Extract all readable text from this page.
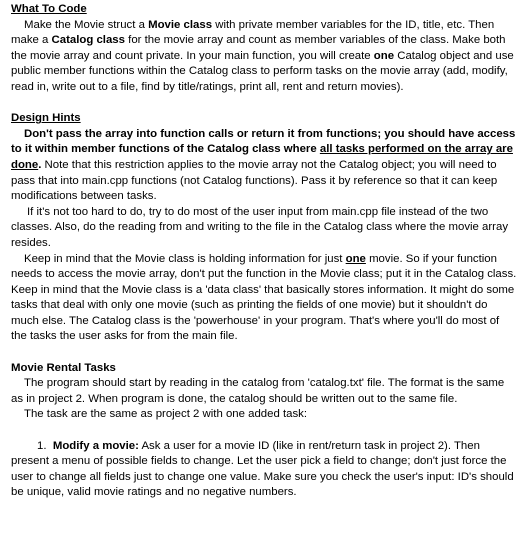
What To Code

Make the Movie struct a Movie class with private member variables for the ID, title, etc. Then make a Catalog class for the movie array and count as member variables of the class. Make both the movie array and count private. In your main function, you will create one Catalog object and use public member functions within the Catalog class to perform tasks on the movie array (add, modify, read in, write out to a file, find by title/ratings, print all, rent and return movies).

Design Hints

Don't pass the array into function calls or return it from functions; you should have access to it within member functions of the Catalog class where all tasks performed on the array are done. Note that this restriction applies to the movie array not the Catalog object; you will need to pass that into main.cpp functions (not Catalog functions). Pass it by reference so that it can keep modifications between tasks.

If it's not too hard to do, try to do most of the user input from main.cpp file instead of the two classes. Also, do the reading from and writing to the file in the Catalog class where the movie array resides.

Keep in mind that the Movie class is holding information for just one movie. So if your function needs to access the movie array, don't put the function in the Movie class; put it in the Catalog class. Keep in mind that the Movie class is a 'data class' that basically stores information. It might do some tasks that deal with only one movie (such as printing the fields of one movie) but it shouldn't do much else. The Catalog class is the 'powerhouse' in your program. That's where you'll do most of the tasks the user asks for from the main file.

Movie Rental Tasks

The program should start by reading in the catalog from 'catalog.txt' file. The format is the same as in project 2. When program is done, the catalog should be written out to the same file.

The task are the same as project 2 with one added task:

1. Modify a movie: Ask a user for a movie ID (like in rent/return task in project 2). Then present a menu of possible fields to change. Let the user pick a field to change; don't just force the user to change all fields just to change one value. Make sure you check the user's input: ID's should be unique, valid movie ratings and no negative numbers.
